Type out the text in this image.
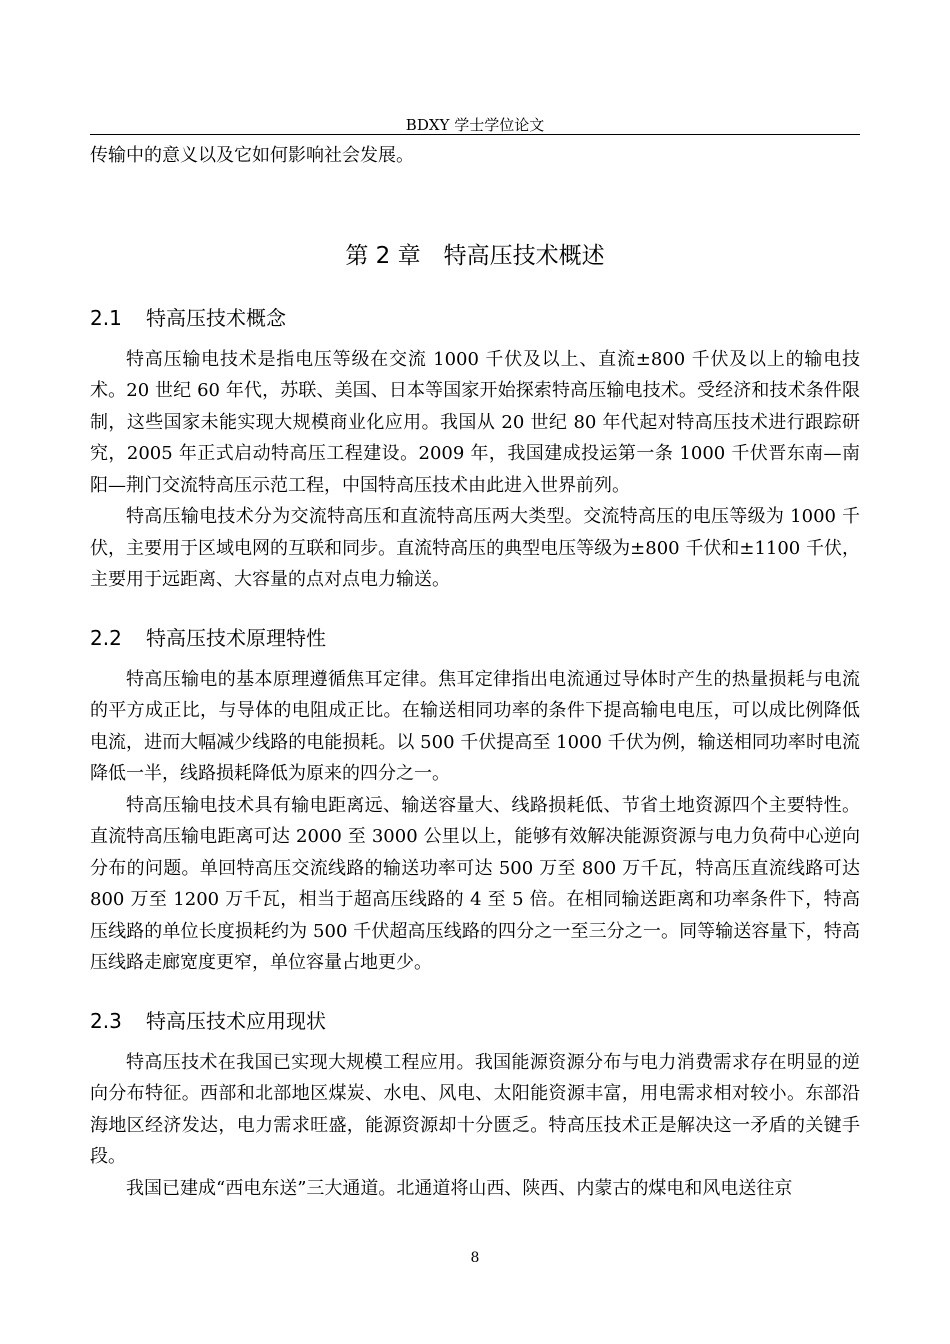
BDXY 学士学位论文

传输中的意义以及它如何影响社会发展。

第 2 章 特高压技术概述
2.1 特高压技术概念

特高压输电技术是指电压等级在交流 1000 千伏及以上、直流±800 千伏及以上的输电技术。20 世纪 60 年代，苏联、美国、日本等国家开始探索特高压输电技术。受经济和技术条件限制，这些国家未能实现大规模商业化应用。我国从 20 世纪 80 年代起对特高压技术进行跟踪研究，2005 年正式启动特高压工程建设。2009 年，我国建成投运第一条 1000 千伏晋东南—南阳—荆门交流特高压示范工程，中国特高压技术由此进入世界前列。

特高压输电技术分为交流特高压和直流特高压两大类型。交流特高压的电压等级为 1000 千伏，主要用于区域电网的互联和同步。直流特高压的典型电压等级为±800 千伏和±1100 千伏，主要用于远距离、大容量的点对点电力输送。

2.2 特高压技术原理特性

特高压输电的基本原理遵循焦耳定律。焦耳定律指出电流通过导体时产生的热量损耗与电流的平方成正比，与导体的电阻成正比。在输送相同功率的条件下提高输电电压，可以成比例降低电流，进而大幅减少线路的电能损耗。以 500 千伏提高至 1000 千伏为例，输送相同功率时电流降低一半，线路损耗降低为原来的四分之一。

特高压输电技术具有输电距离远、输送容量大、线路损耗低、节省土地资源四个主要特性。直流特高压输电距离可达 2000 至 3000 公里以上，能够有效解决能源资源与电力负荷中心逆向分布的问题。单回特高压交流线路的输送功率可达 500 万至 800 万千瓦，特高压直流线路可达 800 万至 1200 万千瓦，相当于超高压线路的 4 至 5 倍。在相同输送距离和功率条件下，特高压线路的单位长度损耗约为 500 千伏超高压线路的四分之一至三分之一。同等输送容量下，特高压线路走廊宽度更窄，单位容量占地更少。

2.3 特高压技术应用现状

特高压技术在我国已实现大规模工程应用。我国能源资源分布与电力消费需求存在明显的逆向分布特征。西部和北部地区煤炭、水电、风电、太阳能资源丰富，用电需求相对较小。东部沿海地区经济发达，电力需求旺盛，能源资源却十分匮乏。特高压技术正是解决这一矛盾的关键手段。

我国已建成“西电东送”三大通道。北通道将山西、陕西、内蒙古的煤电和风电送往京

8
